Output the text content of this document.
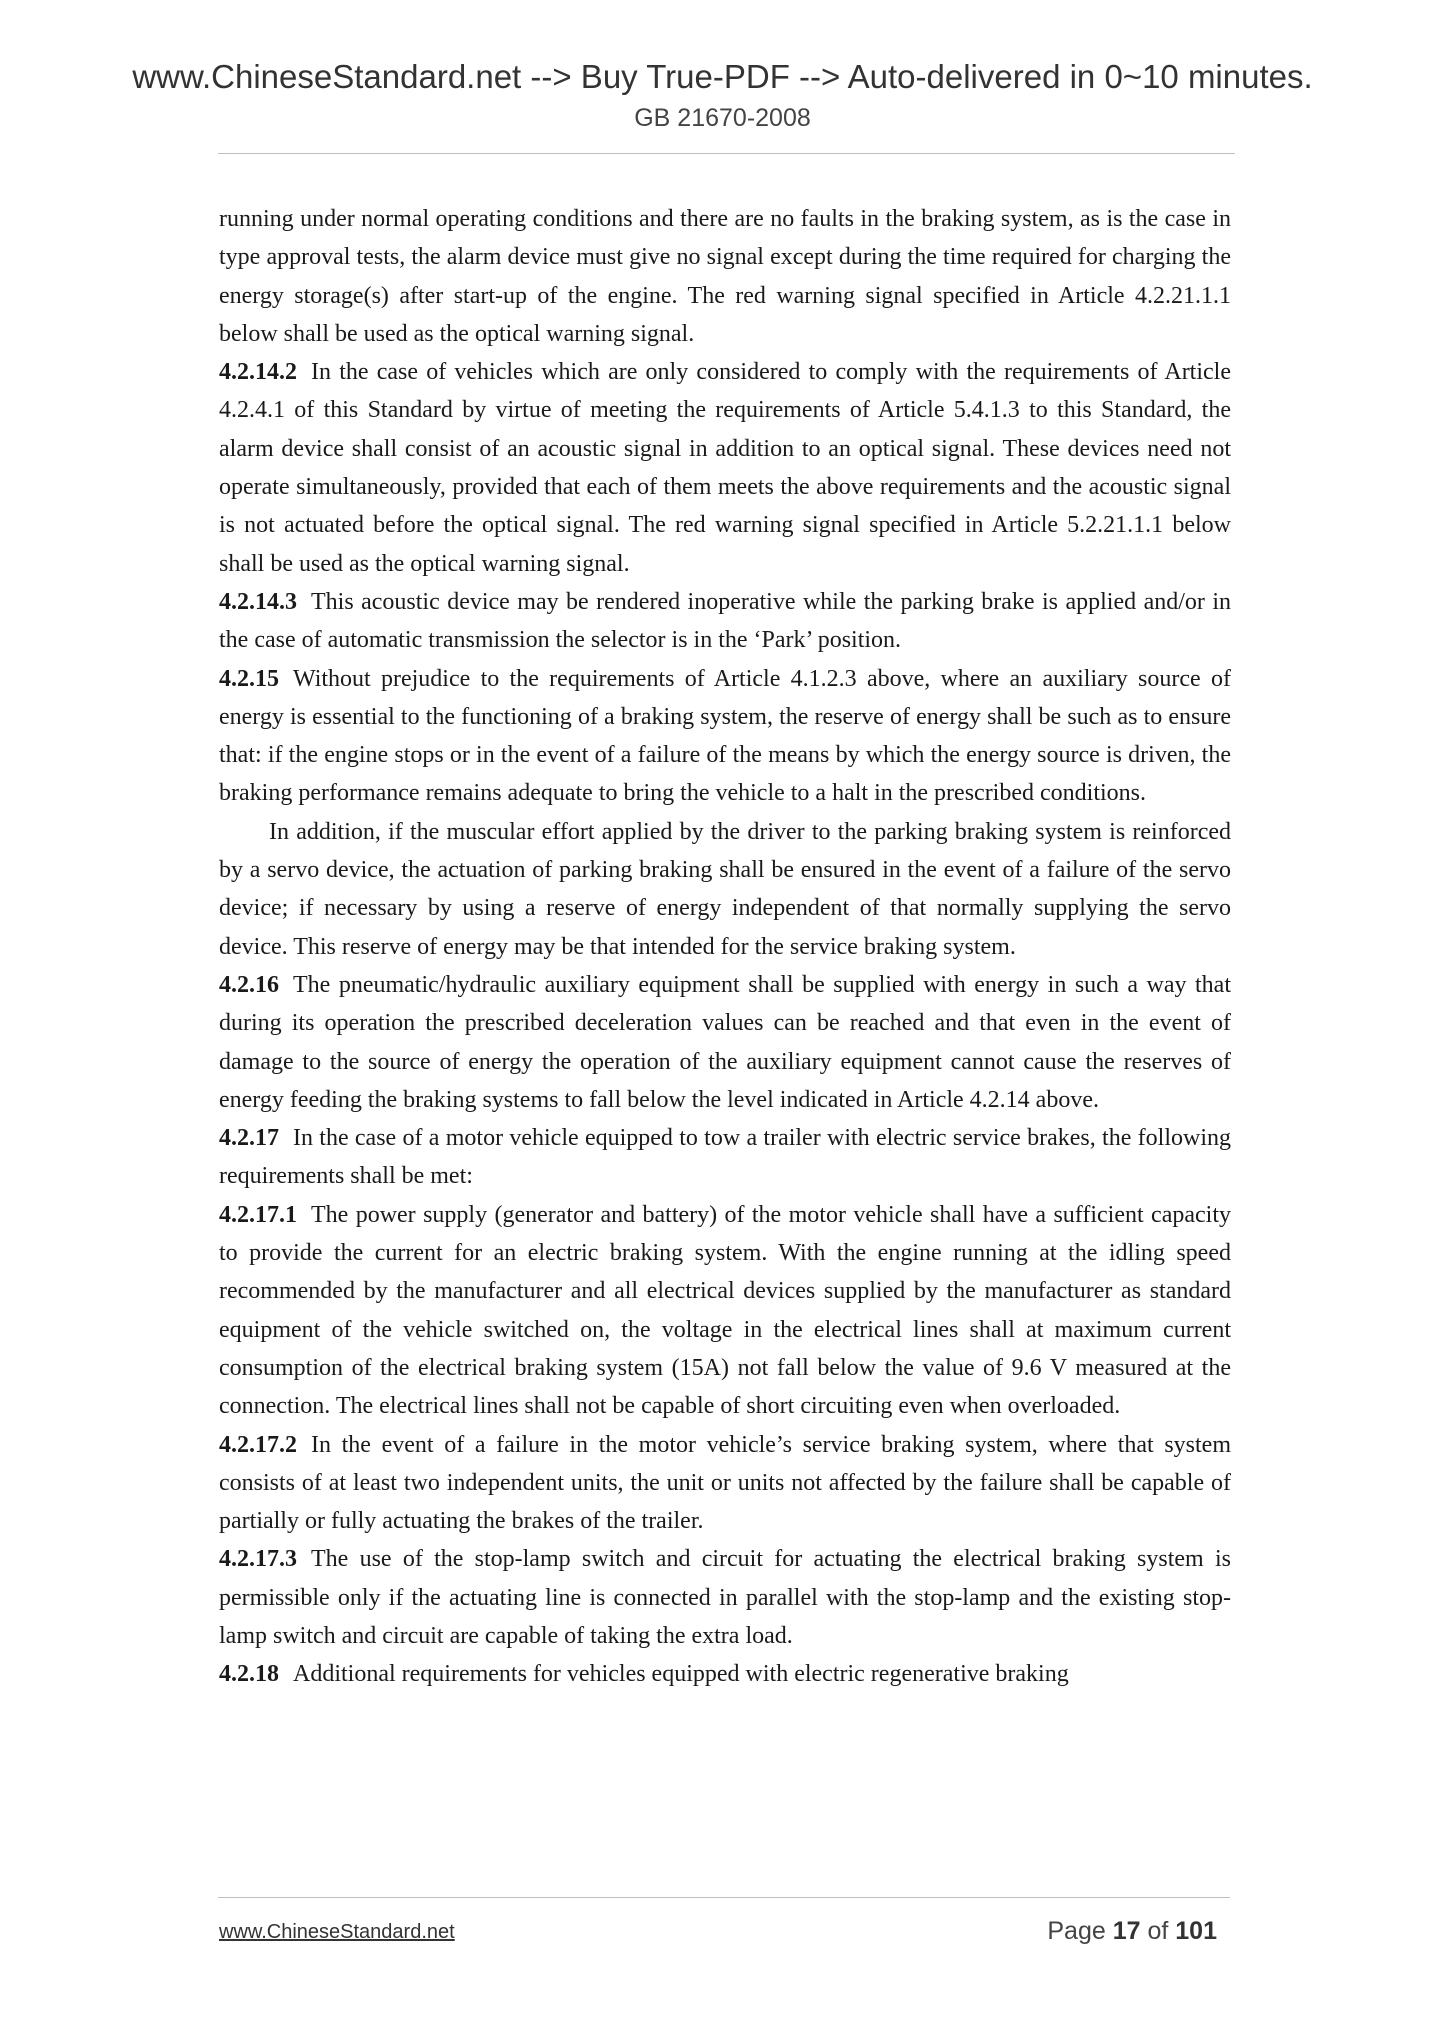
www.ChineseStandard.net --> Buy True-PDF --> Auto-delivered in 0~10 minutes.
GB 21670-2008

running under normal operating conditions and there are no faults in the braking system, as is the case in type approval tests, the alarm device must give no signal except during the time required for charging the energy storage(s) after start-up of the engine. The red warning signal specified in Article 4.2.21.1.1 below shall be used as the optical warning signal.

4.2.14.2 In the case of vehicles which are only considered to comply with the requirements of Article 4.2.4.1 of this Standard by virtue of meeting the requirements of Article 5.4.1.3 to this Standard, the alarm device shall consist of an acoustic signal in addition to an optical signal. These devices need not operate simultaneously, provided that each of them meets the above requirements and the acoustic signal is not actuated before the optical signal. The red warning signal specified in Article 5.2.21.1.1 below shall be used as the optical warning signal.

4.2.14.3 This acoustic device may be rendered inoperative while the parking brake is applied and/or in the case of automatic transmission the selector is in the ‘Park’ position.

4.2.15 Without prejudice to the requirements of Article 4.1.2.3 above, where an auxiliary source of energy is essential to the functioning of a braking system, the reserve of energy shall be such as to ensure that: if the engine stops or in the event of a failure of the means by which the energy source is driven, the braking performance remains adequate to bring the vehicle to a halt in the prescribed conditions.

In addition, if the muscular effort applied by the driver to the parking braking system is reinforced by a servo device, the actuation of parking braking shall be ensured in the event of a failure of the servo device; if necessary by using a reserve of energy independent of that normally supplying the servo device. This reserve of energy may be that intended for the service braking system.

4.2.16 The pneumatic/hydraulic auxiliary equipment shall be supplied with energy in such a way that during its operation the prescribed deceleration values can be reached and that even in the event of damage to the source of energy the operation of the auxiliary equipment cannot cause the reserves of energy feeding the braking systems to fall below the level indicated in Article 4.2.14 above.

4.2.17 In the case of a motor vehicle equipped to tow a trailer with electric service brakes, the following requirements shall be met:

4.2.17.1 The power supply (generator and battery) of the motor vehicle shall have a sufficient capacity to provide the current for an electric braking system. With the engine running at the idling speed recommended by the manufacturer and all electrical devices supplied by the manufacturer as standard equipment of the vehicle switched on, the voltage in the electrical lines shall at maximum current consumption of the electrical braking system (15A) not fall below the value of 9.6 V measured at the connection. The electrical lines shall not be capable of short circuiting even when overloaded.

4.2.17.2 In the event of a failure in the motor vehicle’s service braking system, where that system consists of at least two independent units, the unit or units not affected by the failure shall be capable of partially or fully actuating the brakes of the trailer.

4.2.17.3 The use of the stop-lamp switch and circuit for actuating the electrical braking system is permissible only if the actuating line is connected in parallel with the stop-lamp and the existing stop-lamp switch and circuit are capable of taking the extra load.

4.2.18 Additional requirements for vehicles equipped with electric regenerative braking

www.ChineseStandard.net	Page 17 of 101
